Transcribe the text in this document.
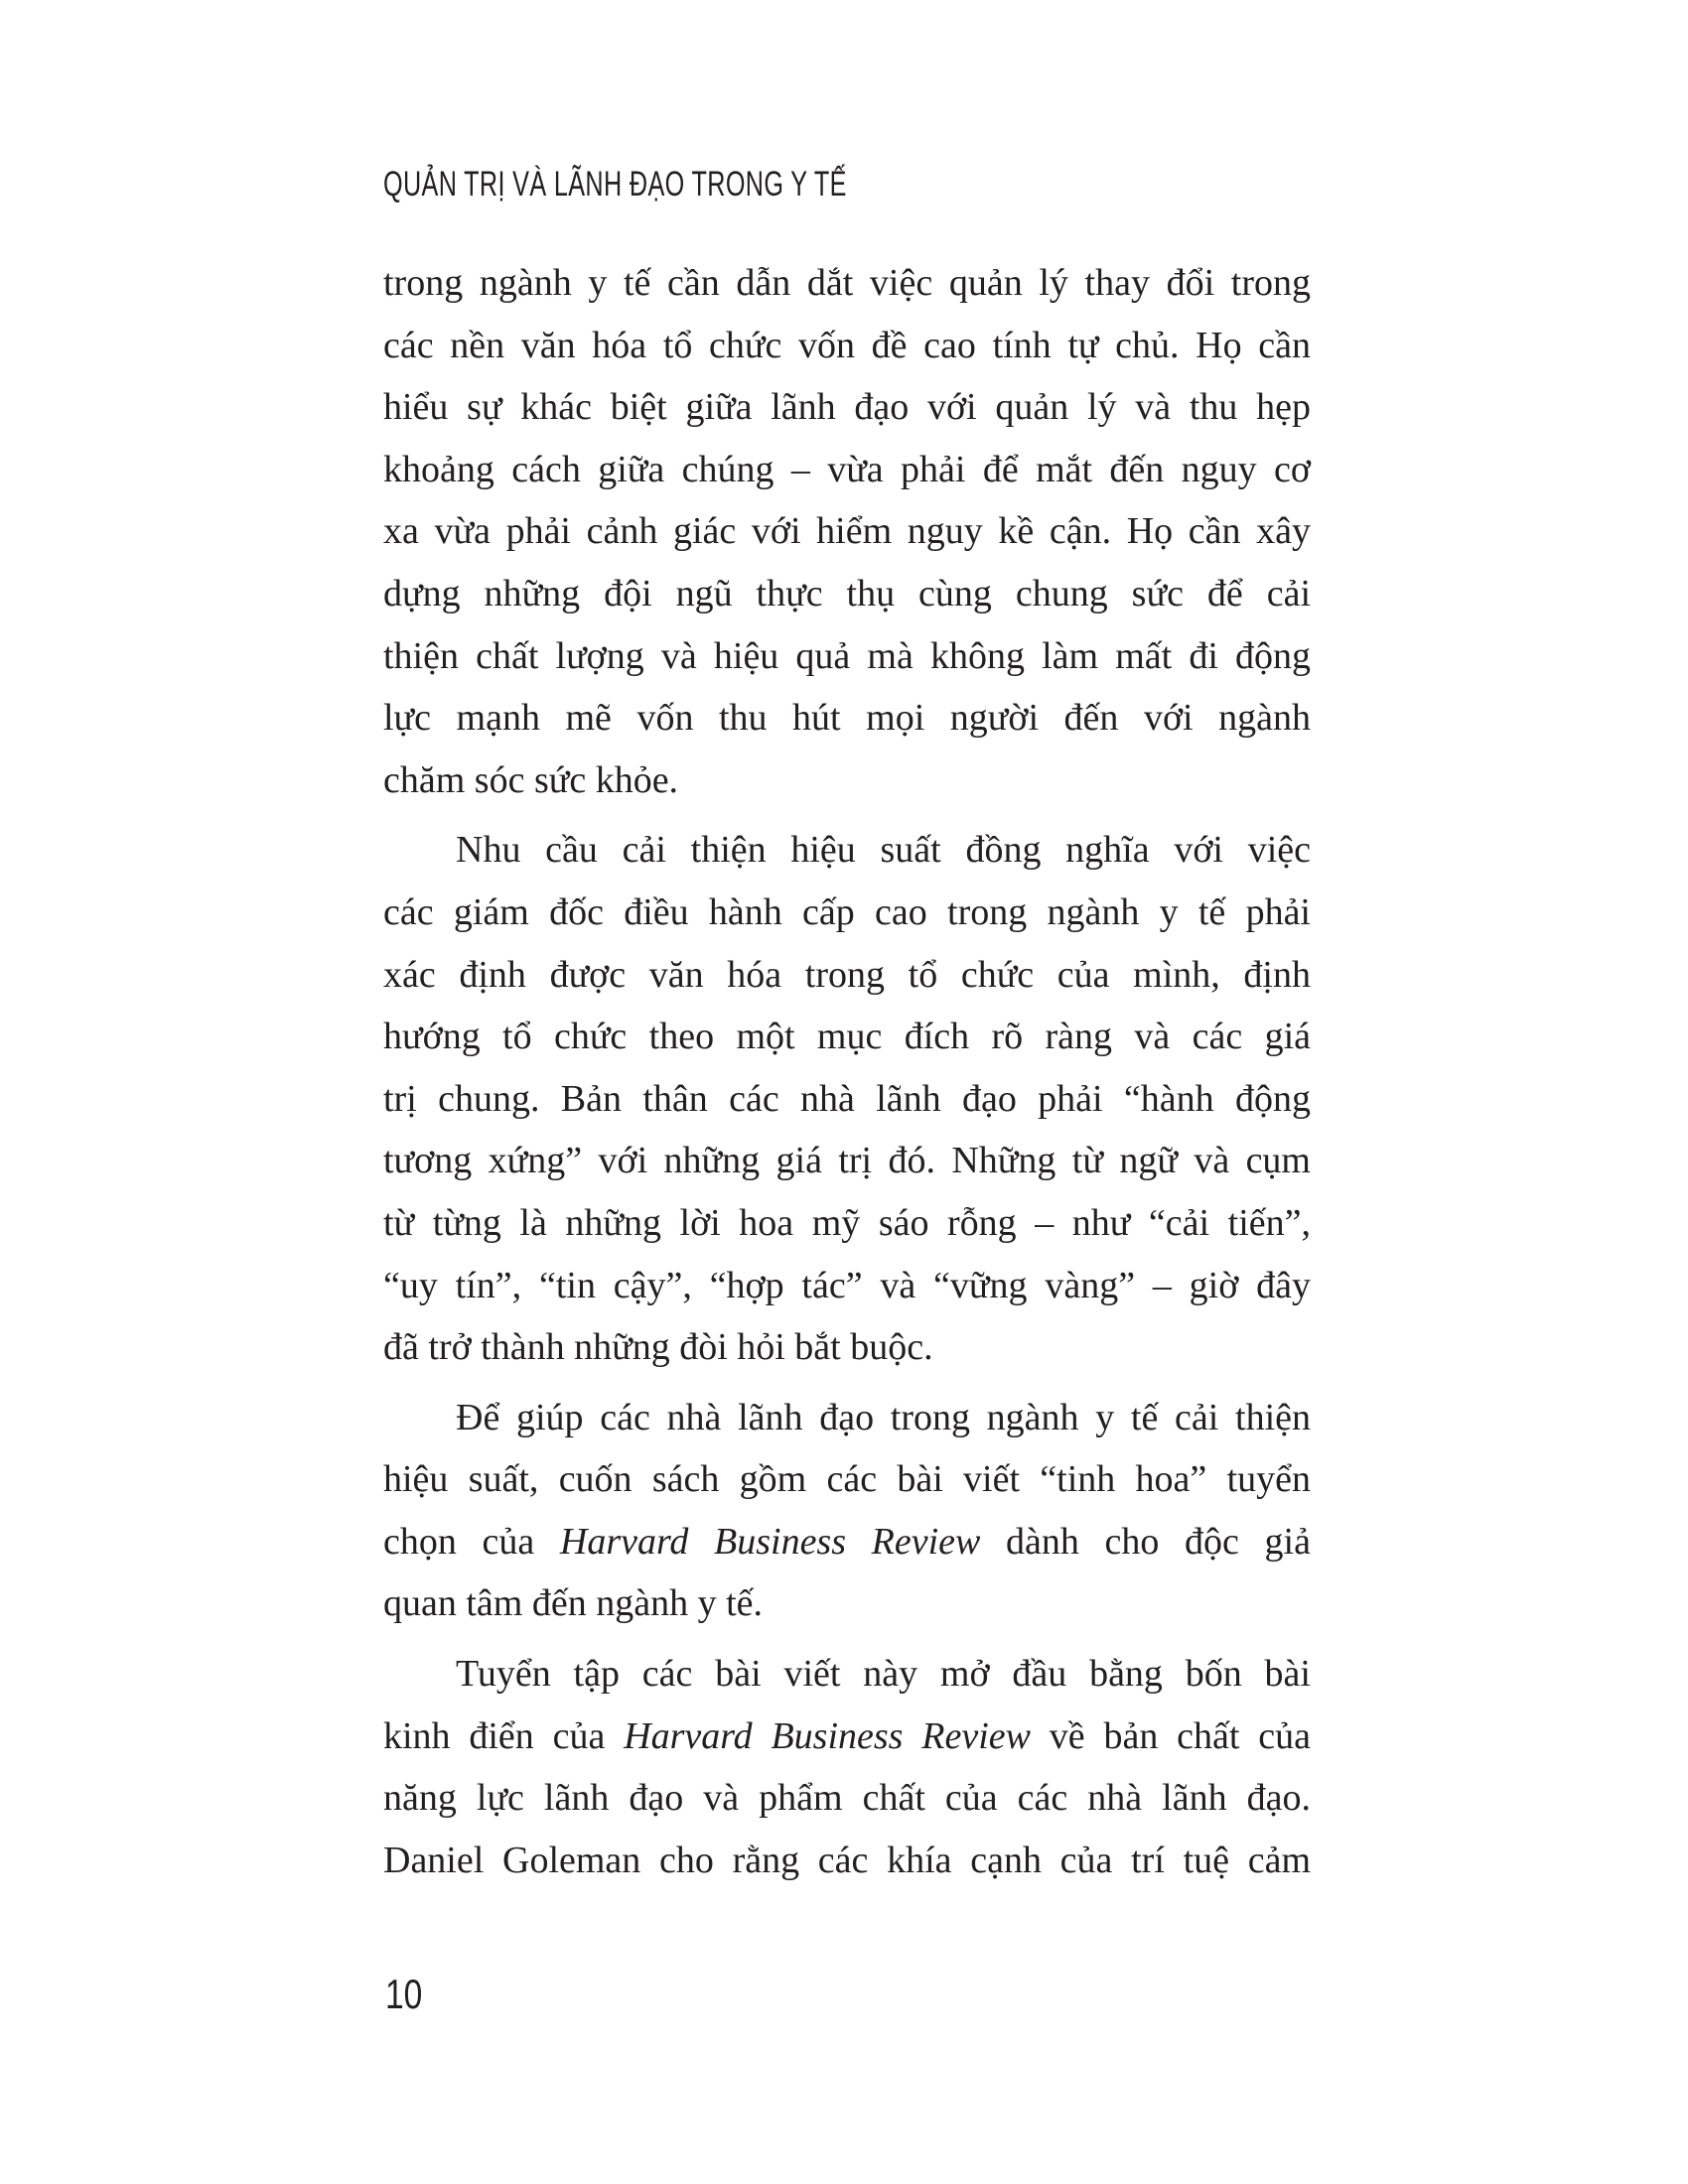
QUẢN TRỊ VÀ LÃNH ĐẠO TRONG Y TẾ
trong ngành y tế cần dẫn dắt việc quản lý thay đổi trong
các nền văn hóa tổ chức vốn đề cao tính tự chủ. Họ cần
hiểu sự khác biệt giữa lãnh đạo với quản lý và thu hẹp
khoảng cách giữa chúng – vừa phải để mắt đến nguy cơ
xa vừa phải cảnh giác với hiểm nguy kề cận. Họ cần xây
dựng những đội ngũ thực thụ cùng chung sức để cải
thiện chất lượng và hiệu quả mà không làm mất đi động
lực mạnh mẽ vốn thu hút mọi người đến với ngành
chăm sóc sức khỏe.
Nhu cầu cải thiện hiệu suất đồng nghĩa với việc
các giám đốc điều hành cấp cao trong ngành y tế phải
xác định được văn hóa trong tổ chức của mình, định
hướng tổ chức theo một mục đích rõ ràng và các giá
trị chung. Bản thân các nhà lãnh đạo phải “hành động
tương xứng” với những giá trị đó. Những từ ngữ và cụm
từ từng là những lời hoa mỹ sáo rỗng – như “cải tiến”,
“uy tín”, “tin cậy”, “hợp tác” và “vững vàng” – giờ đây
đã trở thành những đòi hỏi bắt buộc.
Để giúp các nhà lãnh đạo trong ngành y tế cải thiện
hiệu suất, cuốn sách gồm các bài viết “tinh hoa” tuyển
chọn của Harvard Business Review dành cho độc giả
quan tâm đến ngành y tế.
Tuyển tập các bài viết này mở đầu bằng bốn bài
kinh điển của Harvard Business Review về bản chất của
năng lực lãnh đạo và phẩm chất của các nhà lãnh đạo.
Daniel Goleman cho rằng các khía cạnh của trí tuệ cảm
10
